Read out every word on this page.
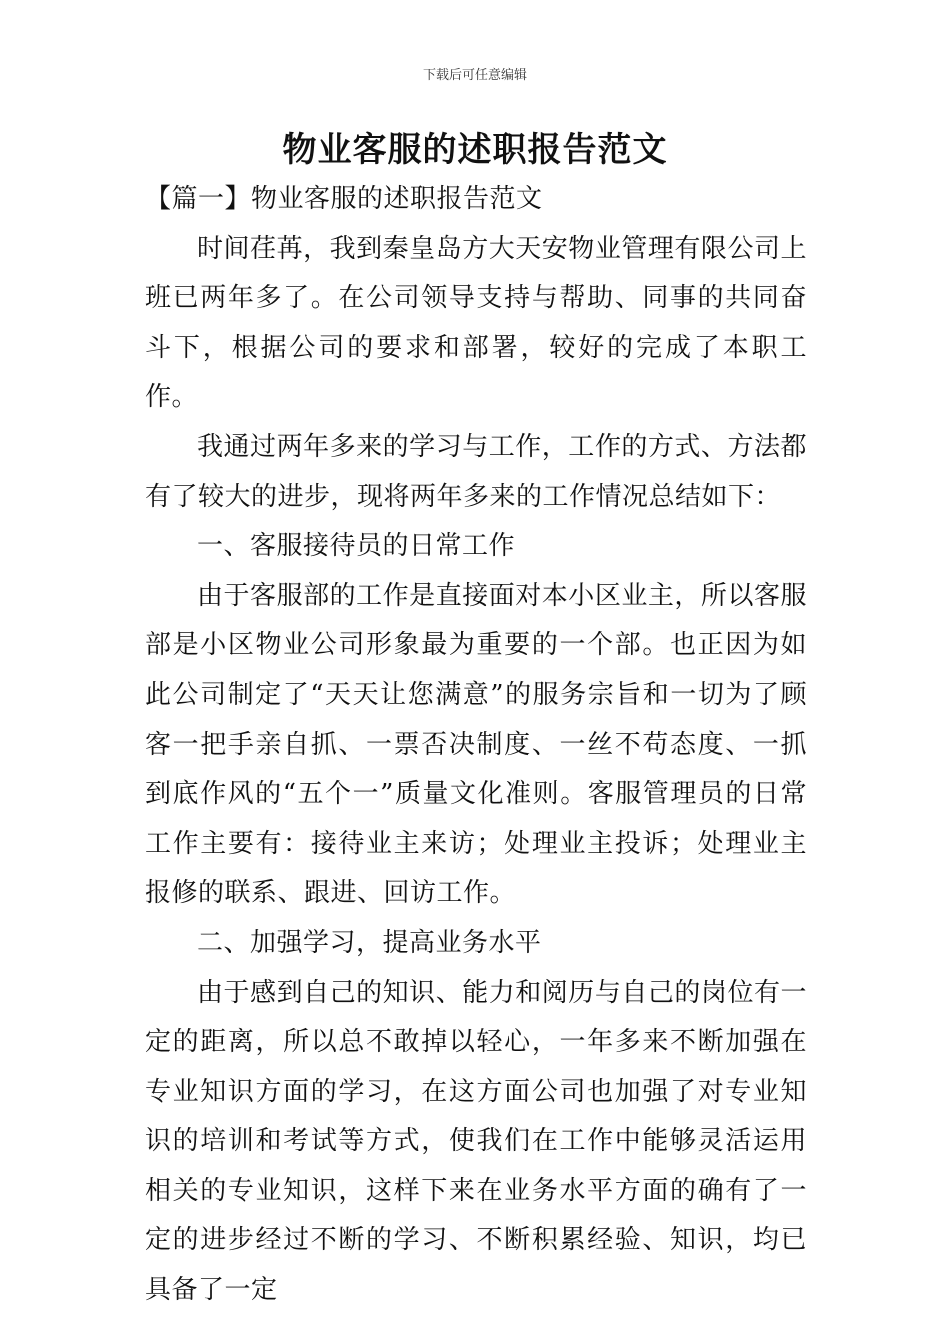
下载后可任意编辑
物业客服的述职报告范文

【篇一】物业客服的述职报告范文

时间荏苒，我到秦皇岛方大天安物业管理有限公司上班已两年多了。在公司领导支持与帮助、同事的共同奋斗下，根据公司的要求和部署，较好的完成了本职工作。

我通过两年多来的学习与工作，工作的方式、方法都有了较大的进步，现将两年多来的工作情况总结如下：

一、客服接待员的日常工作

由于客服部的工作是直接面对本小区业主，所以客服部是小区物业公司形象最为重要的一个部。也正因为如此公司制定了“天天让您满意”的服务宗旨和一切为了顾客一把手亲自抓、一票否决制度、一丝不苟态度、一抓到底作风的“五个一”质量文化准则。客服管理员的日常工作主要有：接待业主来访；处理业主投诉；处理业主报修的联系、跟进、回访工作。

二、加强学习，提高业务水平

由于感到自己的知识、能力和阅历与自己的岗位有一定的距离，所以总不敢掉以轻心，一年多来不断加强在专业知识方面的学习，在这方面公司也加强了对专业知识的培训和考试等方式，使我们在工作中能够灵活运用相关的专业知识，这样下来在业务水平方面的确有了一定的进步经过不断的学习、不断积累经验、知识，均已具备了一定
